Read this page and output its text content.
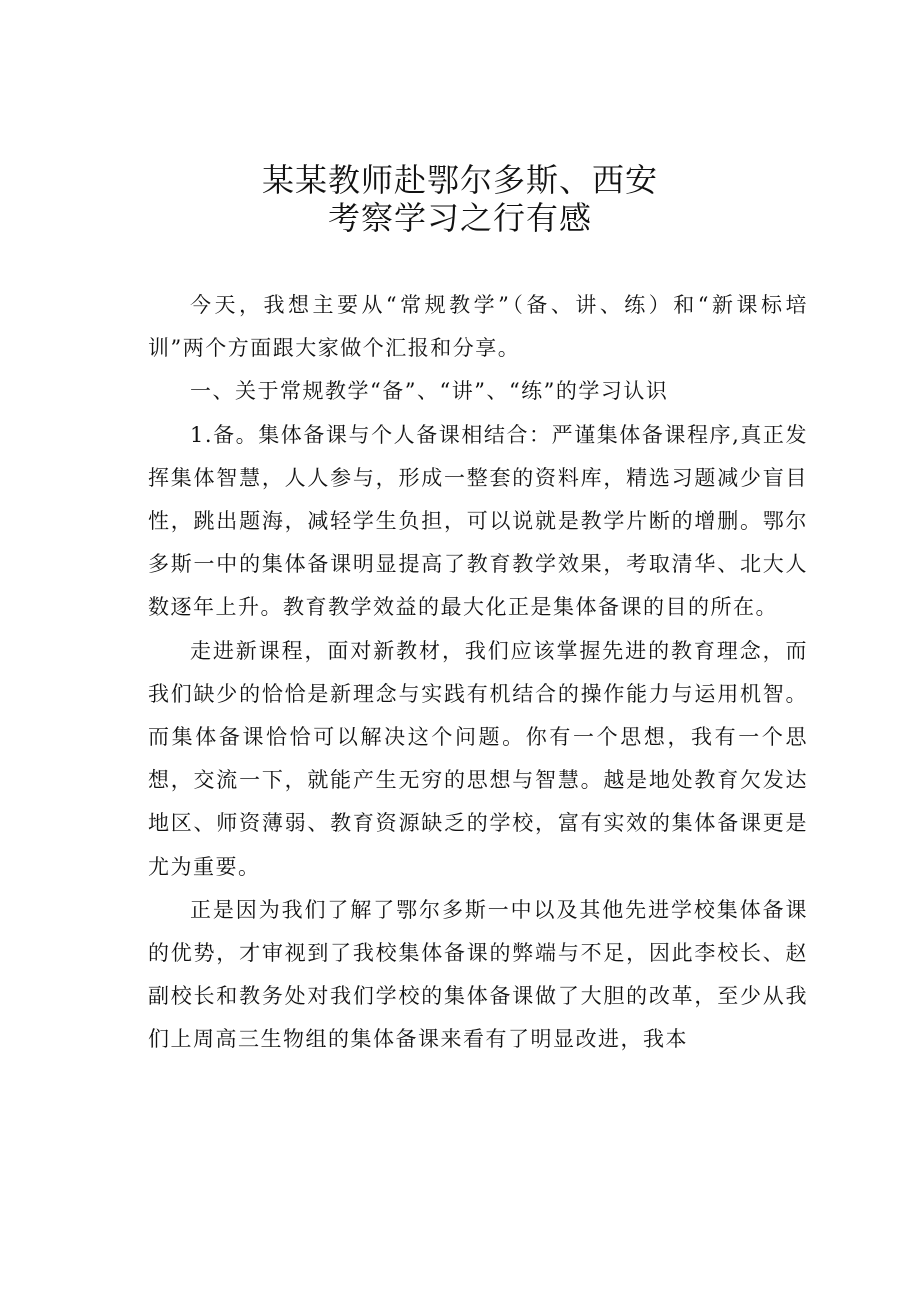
某某教师赴鄂尔多斯、西安
考察学习之行有感

今天，我想主要从“常规教学”（备、讲、练）和“新课标培训”两个方面跟大家做个汇报和分享。

一、关于常规教学“备”、“讲”、“练”的学习认识

1.备。集体备课与个人备课相结合：严谨集体备课程序,真正发挥集体智慧，人人参与，形成一整套的资料库，精选习题减少盲目性，跳出题海，减轻学生负担，可以说就是教学片断的增删。鄂尔多斯一中的集体备课明显提高了教育教学效果，考取清华、北大人数逐年上升。教育教学效益的最大化正是集体备课的目的所在。

走进新课程，面对新教材，我们应该掌握先进的教育理念，而我们缺少的恰恰是新理念与实践有机结合的操作能力与运用机智。而集体备课恰恰可以解决这个问题。你有一个思想，我有一个思想，交流一下，就能产生无穷的思想与智慧。越是地处教育欠发达地区、师资薄弱、教育资源缺乏的学校，富有实效的集体备课更是尤为重要。

正是因为我们了解了鄂尔多斯一中以及其他先进学校集体备课的优势，才审视到了我校集体备课的弊端与不足，因此李校长、赵副校长和教务处对我们学校的集体备课做了大胆的改革，至少从我们上周高三生物组的集体备课来看有了明显改进，我本
